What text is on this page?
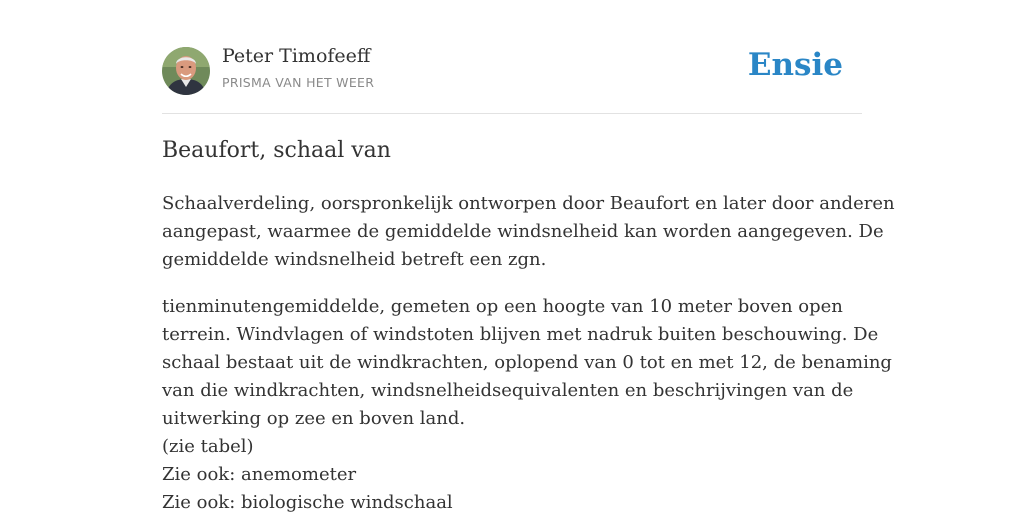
Peter Timofeeff
PRISMA VAN HET WEER	Ensie
Beaufort, schaal van

Schaalverdeling, oorspronkelijk ontworpen door Beaufort en later door anderen
aangepast, waarmee de gemiddelde windsnelheid kan worden aangegeven. De
gemiddelde windsnelheid betreft een zgn.

tienminutengemiddelde, gemeten op een hoogte van 10 meter boven open
terrein. Windvlagen of windstoten blijven met nadruk buiten beschouwing. De
schaal bestaat uit de windkrachten, oplopend van 0 tot en met 12, de benaming
van die windkrachten, windsnelheidsequivalenten en beschrijvingen van de
uitwerking op zee en boven land.
(zie tabel)
Zie ook: anemometer
Zie ook: biologische windschaal
